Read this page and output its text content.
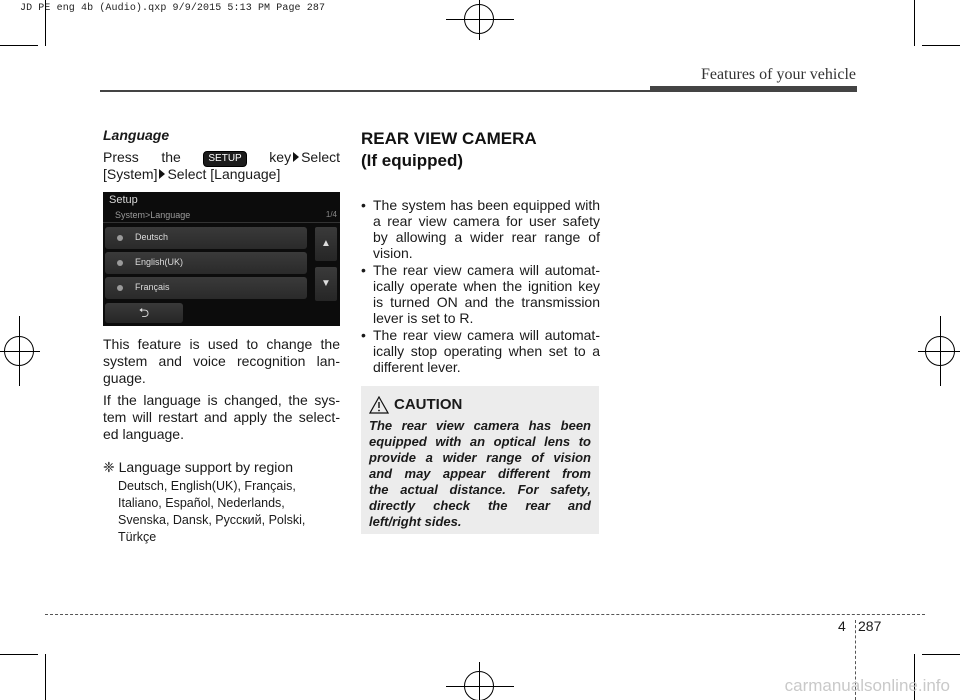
JD PE eng 4b (Audio).qxp 9/9/2015 5:13 PM Page 287
Features of your vehicle
Language
Press the	SETUP key Select
[System] Select [Language]
Setup
System>Language	1/4
Deutsch
English(UK)
Français
▲
▼
⮌
This feature is used to change the
system and voice recognition lan-
guage.
If the language is changed, the sys-
tem will restart and apply the select-
ed language.
❈ Language support by region
Deutsch, English(UK), Français,
Italiano, Español, Nederlands,
Svenska, Dansk, Русский, Polski,
Türkçe
REAR VIEW CAMERA
(If equipped)
• The system has been equipped with a rear view camera for user safety by allowing a wider rear range of vision.
• The rear view camera will automat-ically operate when the ignition key is turned ON and the transmission lever is set to R.
• The rear view camera will automat-ically stop operating when set to a different lever.
CAUTION
The rear view camera has been
equipped with an optical lens to
provide a wider range of vision
and may appear different from
the actual distance. For safety,
directly check the rear and
left/right sides.
4 287
carmanualsonline.info
